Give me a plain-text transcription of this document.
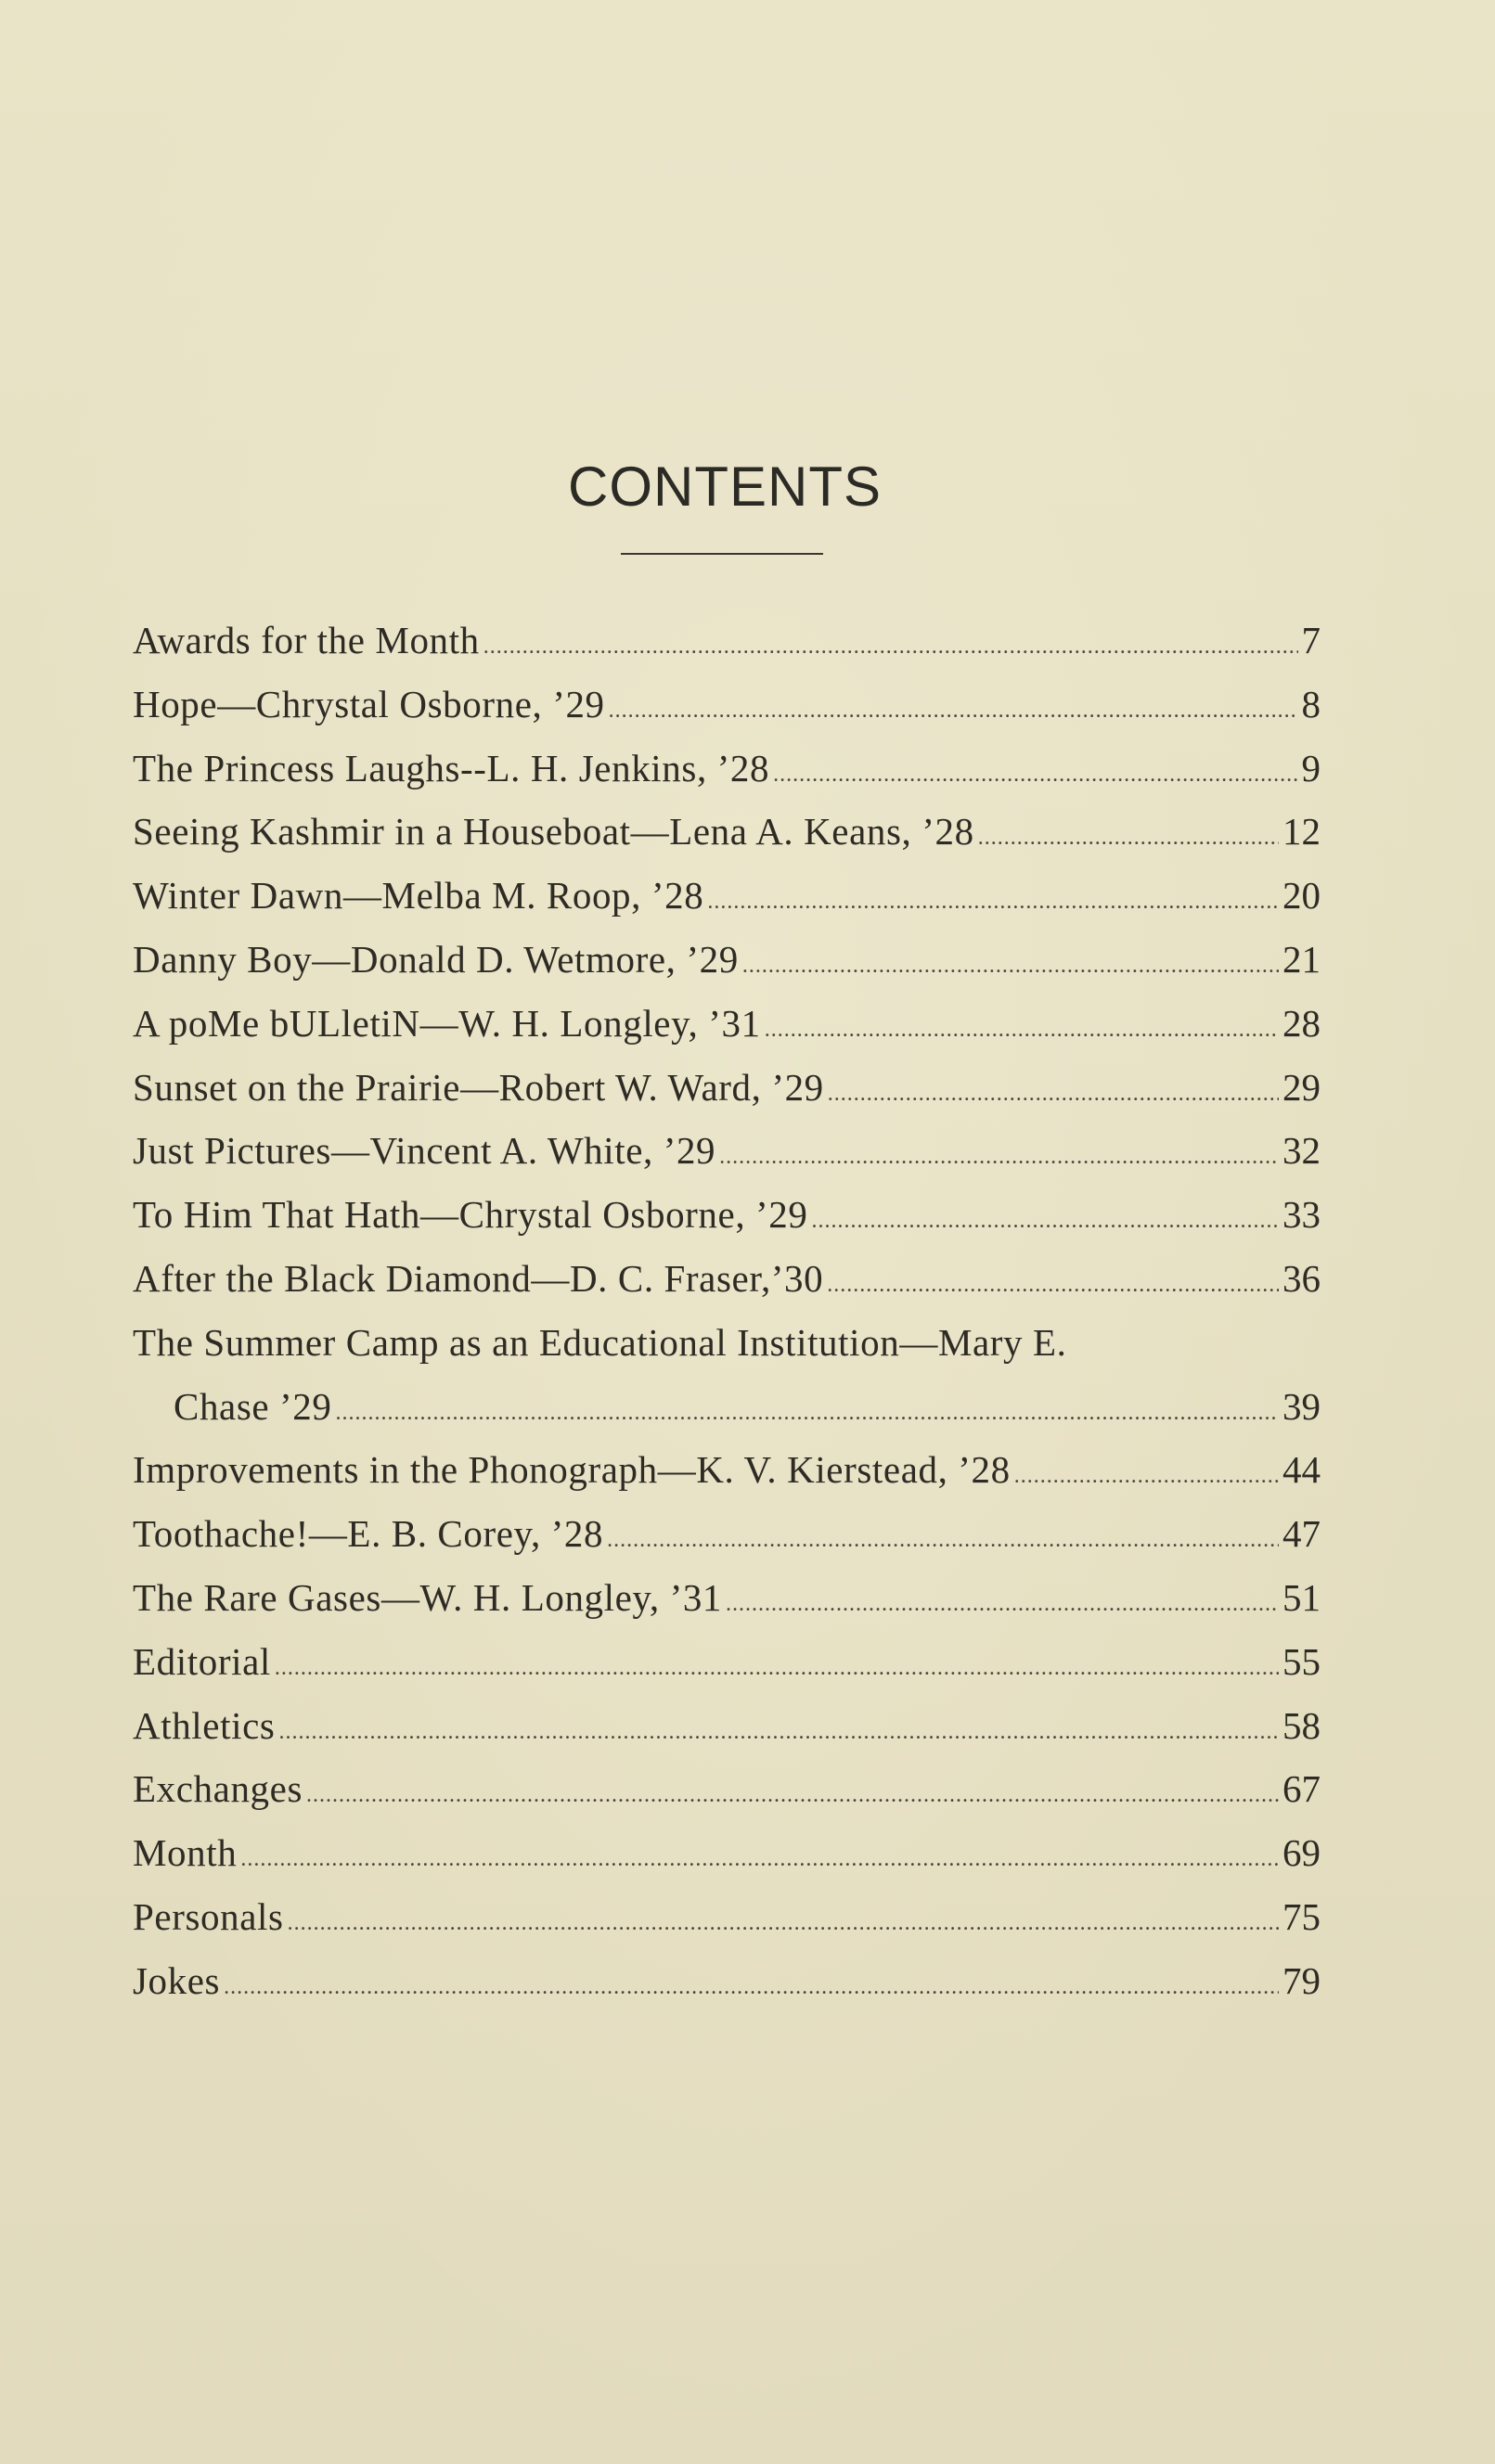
CONTENTS
Awards for the Month .....	7
Hope—Chrystal Osborne, ’29 .....	8
The Princess Laughs--L. H. Jenkins, ’28 .....	9
Seeing Kashmir in a Houseboat—Lena A. Keans, ’28 .....	12
Winter Dawn—Melba M. Roop, ’28 .....	20
Danny Boy—Donald D. Wetmore, ’29 .....	21
A poMe bULletiN—W. H. Longley, ’31 .....	28
Sunset on the Prairie—Robert W. Ward, ’29 .....	29
Just Pictures—Vincent A. White, ’29 .....	32
To Him That Hath—Chrystal Osborne, ’29 .....	33
After the Black Diamond—D. C. Fraser,’30 .....	36
The Summer Camp as an Educational Institution—Mary E.
Chase ’29 .....	39
Improvements in the Phonograph—K. V. Kierstead, ’28 .....	44
Toothache!—E. B. Corey, ’28 .....	47
The Rare Gases—W. H. Longley, ’31 .....	51
Editorial .....	55
Athletics .....	58
Exchanges .....	67
Month .....	69
Personals .....	75
Jokes .....	79
